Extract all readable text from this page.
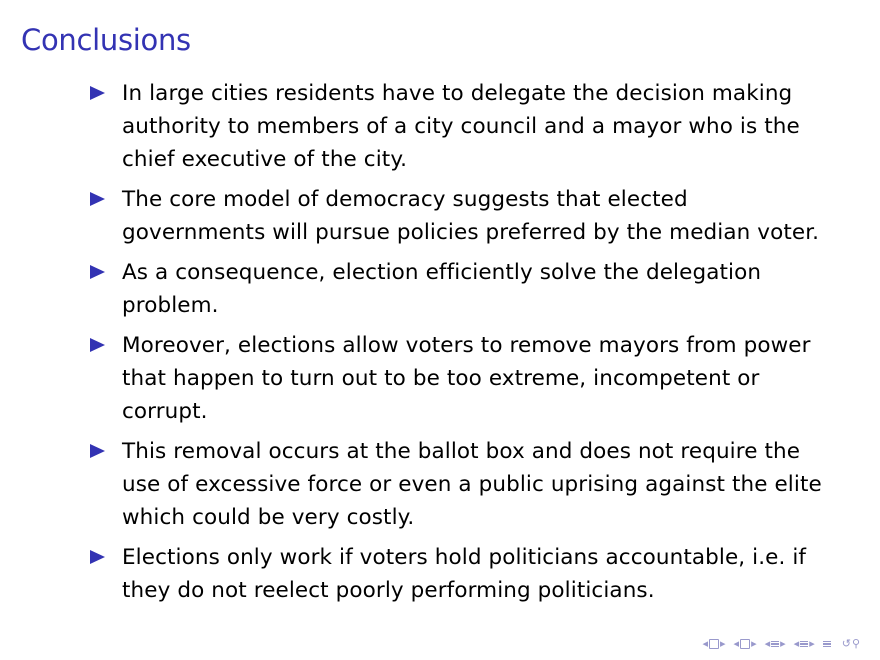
Conclusions
In large cities residents have to delegate the decision making authority to members of a city council and a mayor who is the chief executive of the city.
The core model of democracy suggests that elected governments will pursue policies preferred by the median voter.
As a consequence, election efficiently solve the delegation problem.
Moreover, elections allow voters to remove mayors from power that happen to turn out to be too extreme, incompetent or corrupt.
This removal occurs at the ballot box and does not require the use of excessive force or even a public uprising against the elite which could be very costly.
Elections only work if voters hold politicians accountable, i.e. if they do not reelect poorly performing politicians.
◂ ▸ ◂ ▸ ◂ ▸ ◂ ▸ ↺ ⚲
